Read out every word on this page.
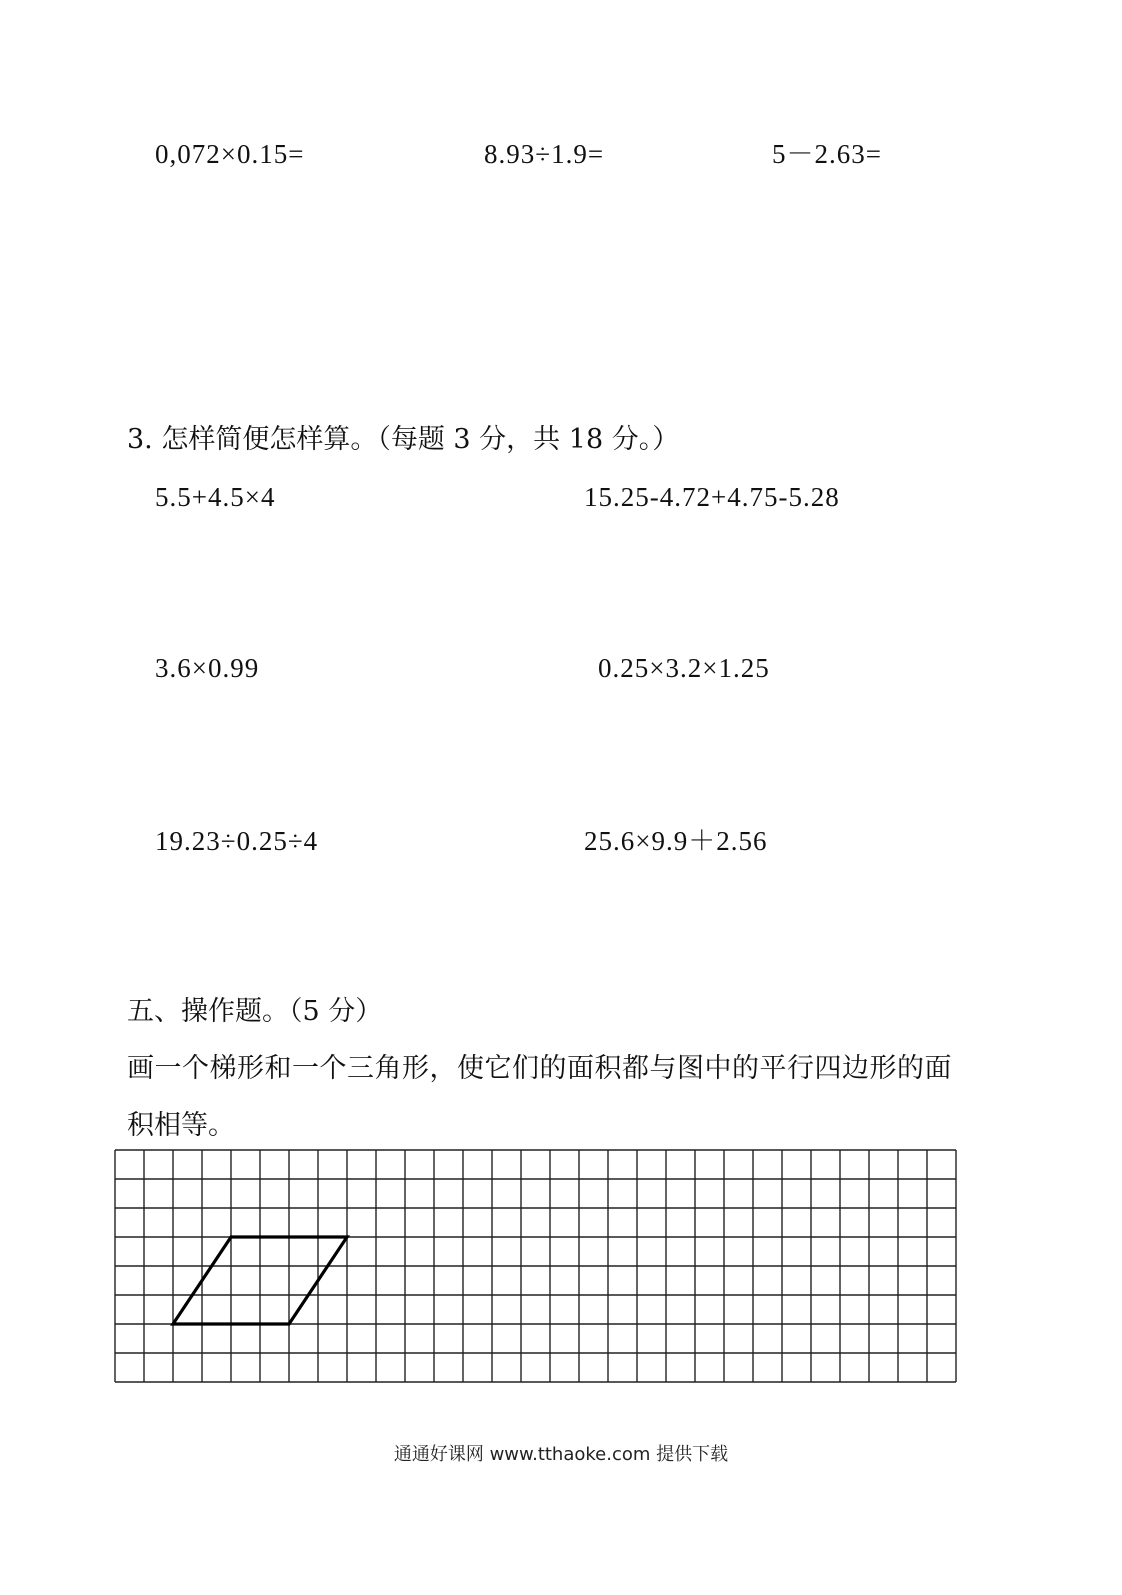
0,072×0.15=	8.93÷1.9=	5－2.63=
3. 怎样简便怎样算。（每题 3 分，共 18 分。）
5.5+4.5×4	15.25-4.72+4.75-5.28
3.6×0.99	0.25×3.2×1.25
19.23÷0.25÷4	25.6×9.9＋2.56
五、操作题。（5 分）
画一个梯形和一个三角形，使它们的面积都与图中的平行四边形的面
积相等。
通通好课网 www.tthaoke.com 提供下载
